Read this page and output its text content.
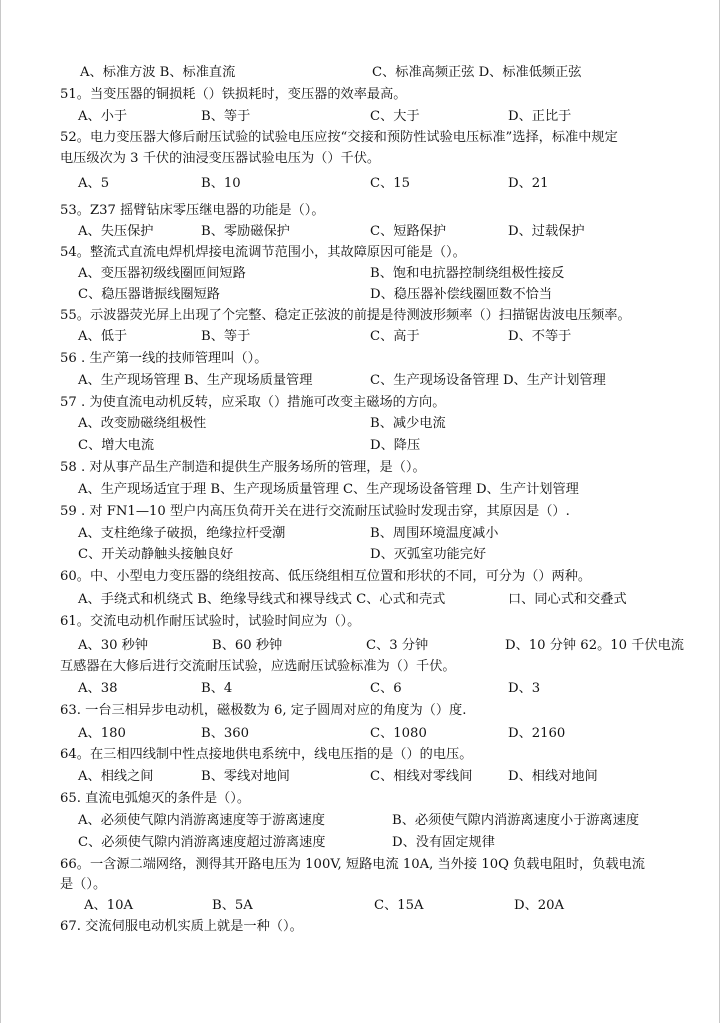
A、标准方波 B、标准直流	C、标准高频正弦 D、标准低频正弦
51。当变压器的铜损耗（）铁损耗时，变压器的效率最高。
A、小于	B、等于	C、大于	D、正比于
52。电力变压器大修后耐压试验的试验电压应按“交接和预防性试验电压标准”选择，标准中规定
电压级次为 3 千伏的油浸变压器试验电压为（）千伏。
A、5	B、10	C、15	D、21
53。Z37 摇臂钻床零压继电器的功能是（）。
A、失压保护	B、零励磁保护	C、短路保护	D、过载保护
54。整流式直流电焊机焊接电流调节范围小，其故障原因可能是（）。
A、变压器初级线圈匝间短路	B、饱和电抗器控制绕组极性接反
C、稳压器谐振线圈短路	D、稳压器补偿线圈匝数不恰当
55。示波器荧光屏上出现了个完整、稳定正弦波的前提是待测波形频率（）扫描锯齿波电压频率。
A、低于	B、等于	C、高于	D、不等于
56 . 生产第一线的技师管理叫（）。
A、生产现场管理 B、生产现场质量管理	C、生产现场设备管理 D、生产计划管理
57 . 为使直流电动机反转，应采取（）措施可改变主磁场的方向。
A、改变励磁绕组极性	B、减少电流
C、增大电流	D、降压
58 . 对从事产品生产制造和提供生产服务场所的管理，是（）。
A、生产现场适宜于理 B、生产现场质量管理 C、生产现场设备管理 D、生产计划管理
59 . 对 FN1—10 型户内高压负荷开关在进行交流耐压试验时发现击穿，其原因是（）.
A、支柱绝缘子破损，绝缘拉杆受潮	B、周围环境温度减小
C、开关动静触头接触良好	D、灭弧室功能完好
60。中、小型电力变压器的绕组按高、低压绕组相互位置和形状的不同，可分为（）两种。
A、手绕式和机绕式 B、绝缘导线式和裸导线式 C、心式和壳式	口、同心式和交叠式
61。交流电动机作耐压试验时，试验时间应为（）。
A、30 秒钟	B、60 秒钟	C、3 分钟	D、10 分钟 62。10 千伏电流
互感器在大修后进行交流耐压试验，应选耐压试验标准为（）千伏。
A、38	B、4	C、6	D、3
63. 一台三相异步电动机，磁极数为 6, 定子圆周对应的角度为（）度.
A、180	B、360	C、1080	D、2160
64。在三相四线制中性点接地供电系统中，线电压指的是（）的电压。
A、相线之间	B、零线对地间	C、相线对零线间	D、相线对地间
65. 直流电弧熄灭的条件是（）。
A、必须使气隙内消游离速度等于游离速度	B、必须使气隙内消游离速度小于游离速度
C、必须使气隙内消游离速度超过游离速度	D、没有固定规律
66。一含源二端网络，测得其开路电压为 100V, 短路电流 10A, 当外接 10Q 负载电阻时，负载电流
是（）。
A、10A	B、5A	C、15A	D、20A
67. 交流伺服电动机实质上就是一种（）。
